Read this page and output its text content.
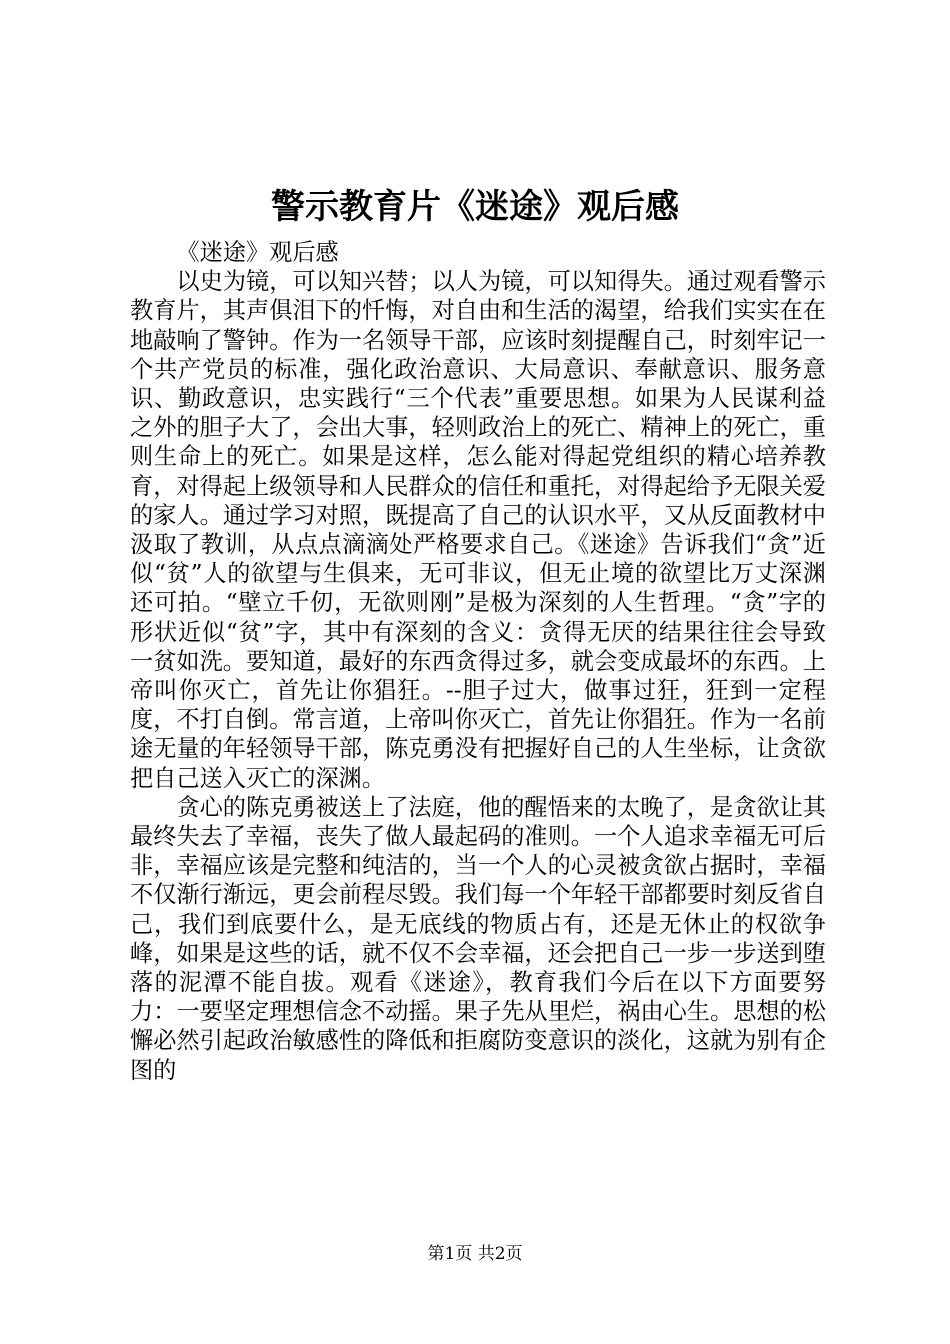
警示教育片《迷途》观后感

《迷途》观后感

以史为镜，可以知兴替；以人为镜，可以知得失。通过观看警示教育片，其声俱泪下的忏悔，对自由和生活的渴望，给我们实实在在地敲响了警钟。作为一名领导干部，应该时刻提醒自己，时刻牢记一个共产党员的标准，强化政治意识、大局意识、奉献意识、服务意识、勤政意识，忠实践行“三个代表”重要思想。如果为人民谋利益之外的胆子大了，会出大事，轻则政治上的死亡、精神上的死亡，重则生命上的死亡。如果是这样，怎么能对得起党组织的精心培养教育，对得起上级领导和人民群众的信任和重托，对得起给予无限关爱的家人。通过学习对照，既提高了自己的认识水平，又从反面教材中汲取了教训，从点点滴滴处严格要求自己。《迷途》告诉我们“贪”近似“贫”人的欲望与生俱来，无可非议，但无止境的欲望比万丈深渊还可拍。“壁立千仞，无欲则刚”是极为深刻的人生哲理。“贪”字的形状近似“贫”字，其中有深刻的含义：贪得无厌的结果往往会导致一贫如洗。要知道，最好的东西贪得过多，就会变成最坏的东西。上帝叫你灭亡，首先让你猖狂。--胆子过大，做事过狂，狂到一定程度，不打自倒。常言道，上帝叫你灭亡，首先让你猖狂。作为一名前途无量的年轻领导干部，陈克勇没有把握好自己的人生坐标，让贪欲把自己送入灭亡的深渊。

贪心的陈克勇被送上了法庭，他的醒悟来的太晚了，是贪欲让其最终失去了幸福，丧失了做人最起码的准则。一个人追求幸福无可后非，幸福应该是完整和纯洁的，当一个人的心灵被贪欲占据时，幸福不仅渐行渐远，更会前程尽毁。我们每一个年轻干部都要时刻反省自己，我们到底要什么，是无底线的物质占有，还是无休止的权欲争峰，如果是这些的话，就不仅不会幸福，还会把自己一步一步送到堕落的泥潭不能自拔。观看《迷途》，教育我们今后在以下方面要努力：一要坚定理想信念不动摇。果子先从里烂，祸由心生。思想的松懈必然引起政治敏感性的降低和拒腐防变意识的淡化，这就为别有企图的

第1页 共2页
